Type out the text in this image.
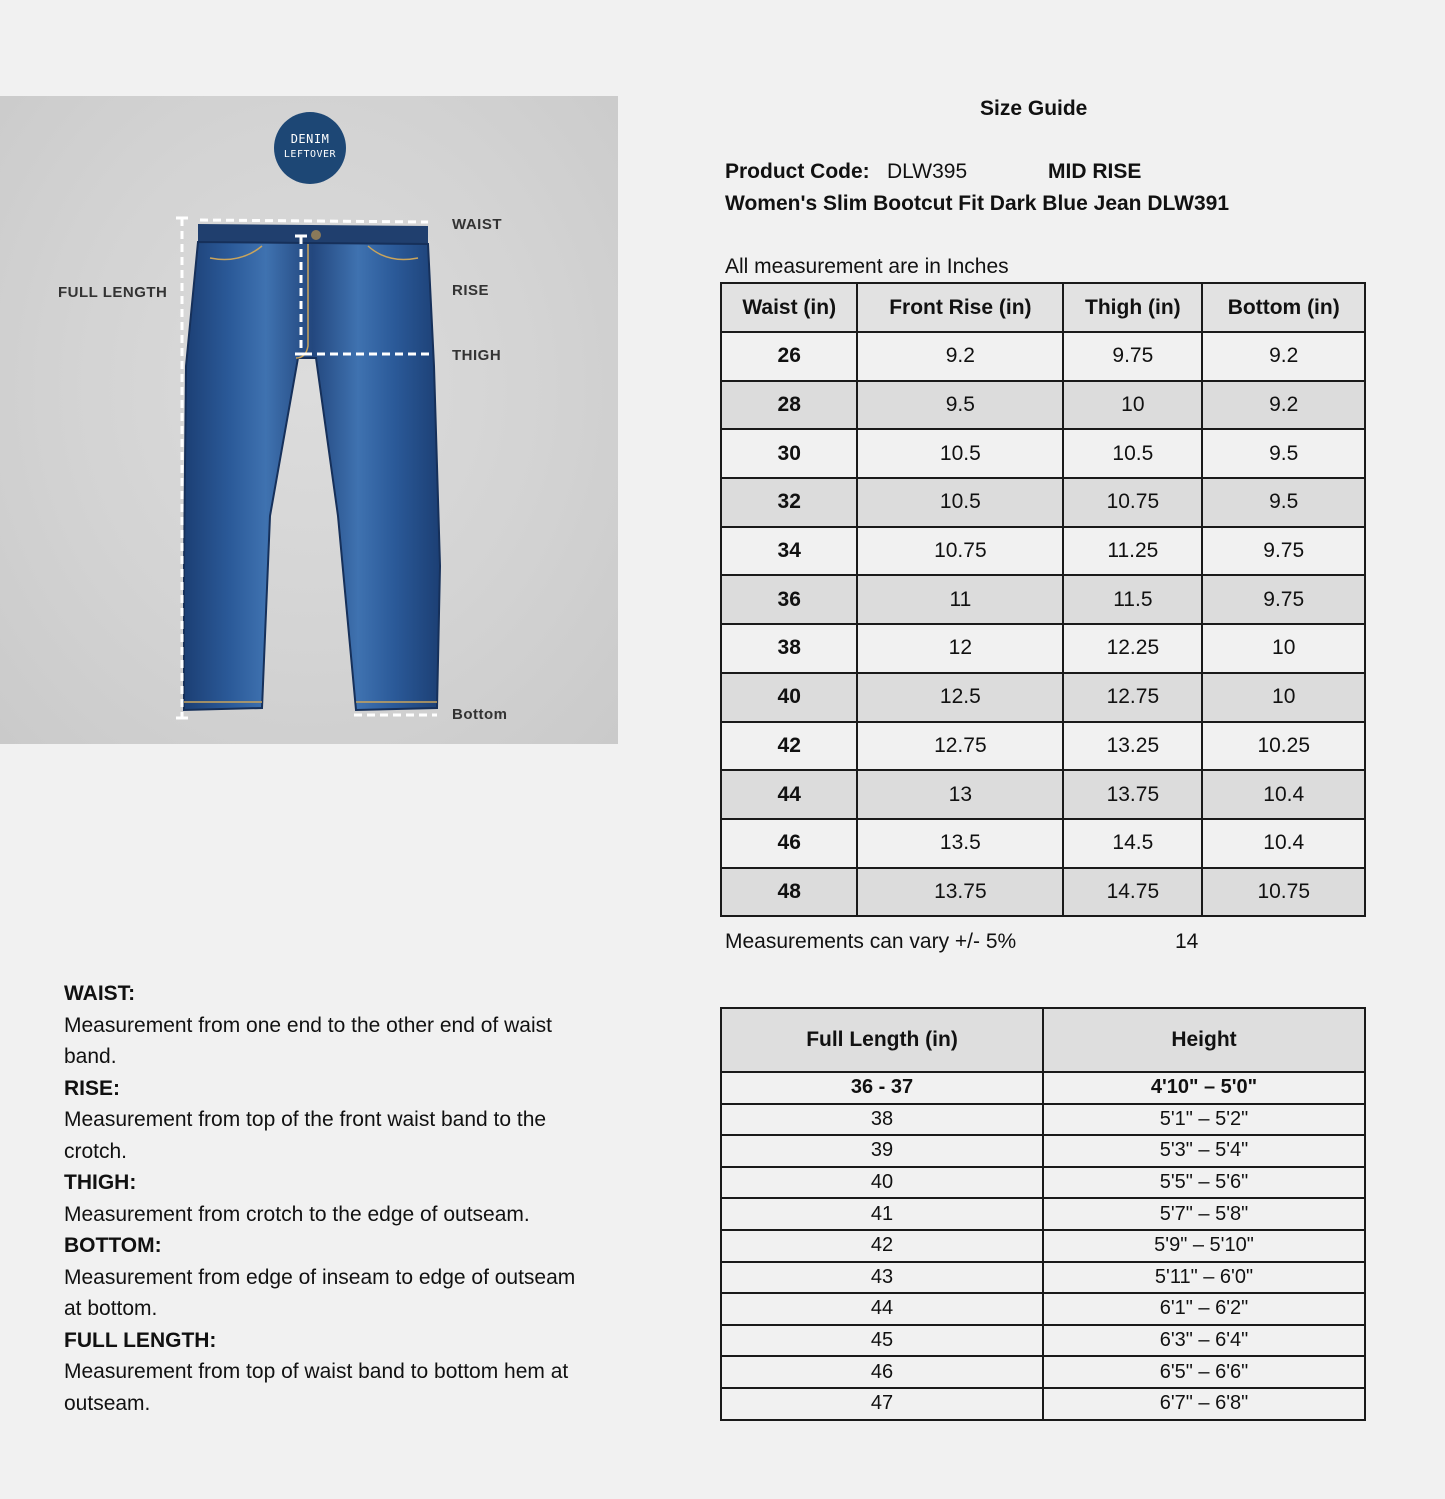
DENIM
LEFTOVER
WAIST
RISE
THIGH
FULL LENGTH
Bottom
Size Guide
Product Code: DLW395	MID RISE
Women's Slim Bootcut Fit Dark Blue Jean DLW391
All measurement are in Inches
Waist (in)	Front Rise (in)	Thigh (in)	Bottom (in)
26	9.2	9.75	9.2
28	9.5	10	9.2
30	10.5	10.5	9.5
32	10.5	10.75	9.5
34	10.75	11.25	9.75
36	11	11.5	9.75
38	12	12.25	10
40	12.5	12.75	10
42	12.75	13.25	10.25
44	13	13.75	10.4
46	13.5	14.5	10.4
48	13.75	14.75	10.75
Measurements can vary +/- 5%	14
Full Length (in)	Height
36 - 37	4'10" – 5'0"
38	5'1" – 5'2"
39	5'3" – 5'4"
40	5'5" – 5'6"
41	5'7" – 5'8"
42	5'9" – 5'10"
43	5'11" – 6'0"
44	6'1" – 6'2"
45	6'3" – 6'4"
46	6'5" – 6'6"
47	6'7" – 6'8"
WAIST:
Measurement from one end to the other end of waist band.
RISE:
Measurement from top of the front waist band to the crotch.
THIGH:
Measurement from crotch to the edge of outseam.
BOTTOM:
Measurement from edge of inseam to edge of outseam at bottom.
FULL LENGTH:
Measurement from top of waist band to bottom hem at outseam.
